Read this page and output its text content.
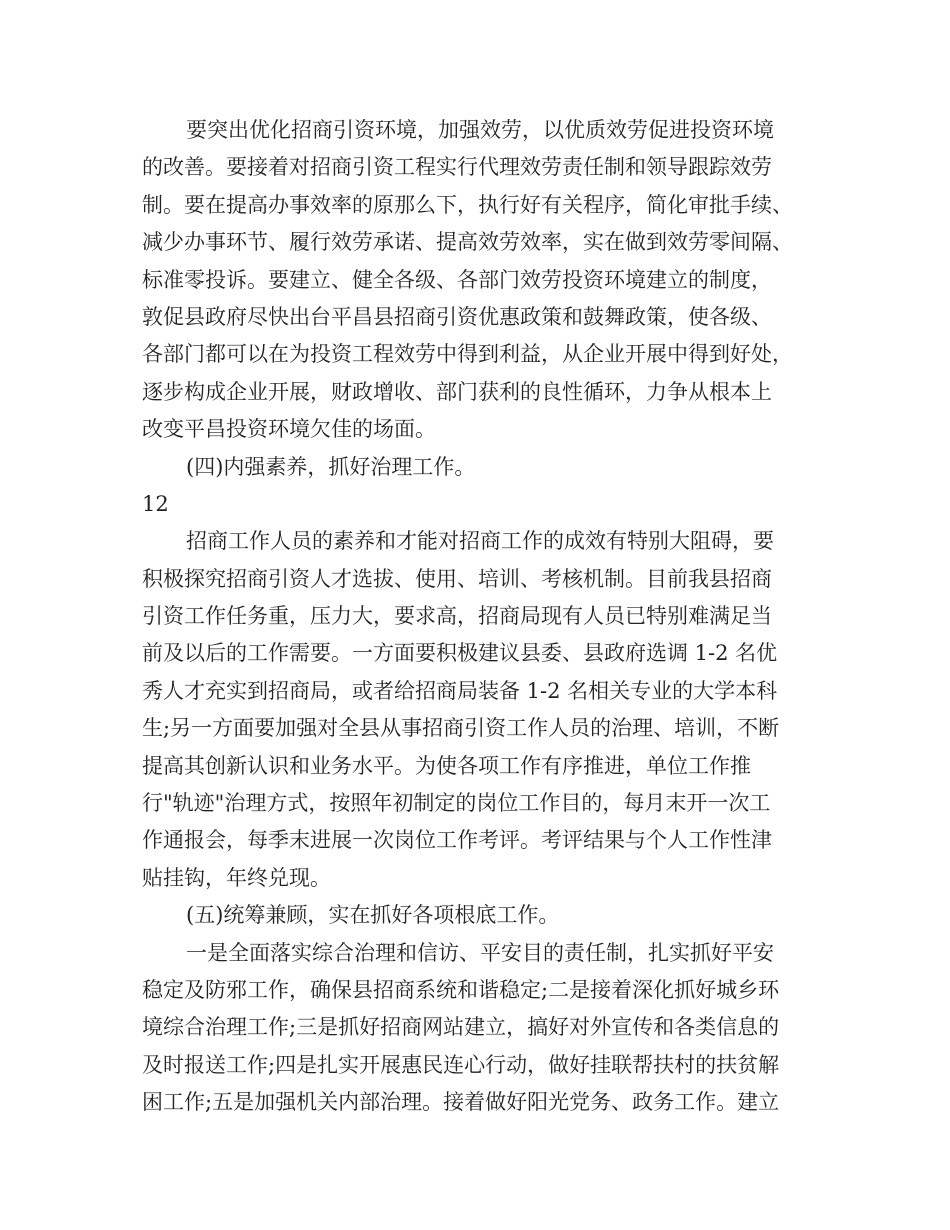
要突出优化招商引资环境，加强效劳，以优质效劳促进投资环境
的改善。要接着对招商引资工程实行代理效劳责任制和领导跟踪效劳
制。要在提高办事效率的原那么下，执行好有关程序，简化审批手续、
减少办事环节、履行效劳承诺、提高效劳效率，实在做到效劳零间隔、
标准零投诉。要建立、健全各级、各部门效劳投资环境建立的制度，
敦促县政府尽快出台平昌县招商引资优惠政策和鼓舞政策，使各级、
各部门都可以在为投资工程效劳中得到利益，从企业开展中得到好处，
逐步构成企业开展，财政增收、部门获利的良性循环，力争从根本上
改变平昌投资环境欠佳的场面。
(四)内强素养，抓好治理工作。
12
招商工作人员的素养和才能对招商工作的成效有特别大阻碍，要
积极探究招商引资人才选拔、使用、培训、考核机制。目前我县招商
引资工作任务重，压力大，要求高，招商局现有人员已特别难满足当
前及以后的工作需要。一方面要积极建议县委、县政府选调 1-2 名优
秀人才充实到招商局，或者给招商局装备 1-2 名相关专业的大学本科
生;另一方面要加强对全县从事招商引资工作人员的治理、培训，不断
提高其创新认识和业务水平。为使各项工作有序推进，单位工作推
行"轨迹"治理方式，按照年初制定的岗位工作目的，每月末开一次工
作通报会，每季末进展一次岗位工作考评。考评结果与个人工作性津
贴挂钩，年终兑现。
(五)统筹兼顾，实在抓好各项根底工作。
一是全面落实综合治理和信访、平安目的责任制，扎实抓好平安
稳定及防邪工作，确保县招商系统和谐稳定;二是接着深化抓好城乡环
境综合治理工作;三是抓好招商网站建立，搞好对外宣传和各类信息的
及时报送工作;四是扎实开展惠民连心行动，做好挂联帮扶村的扶贫解
困工作;五是加强机关内部治理。接着做好阳光党务、政务工作。建立
